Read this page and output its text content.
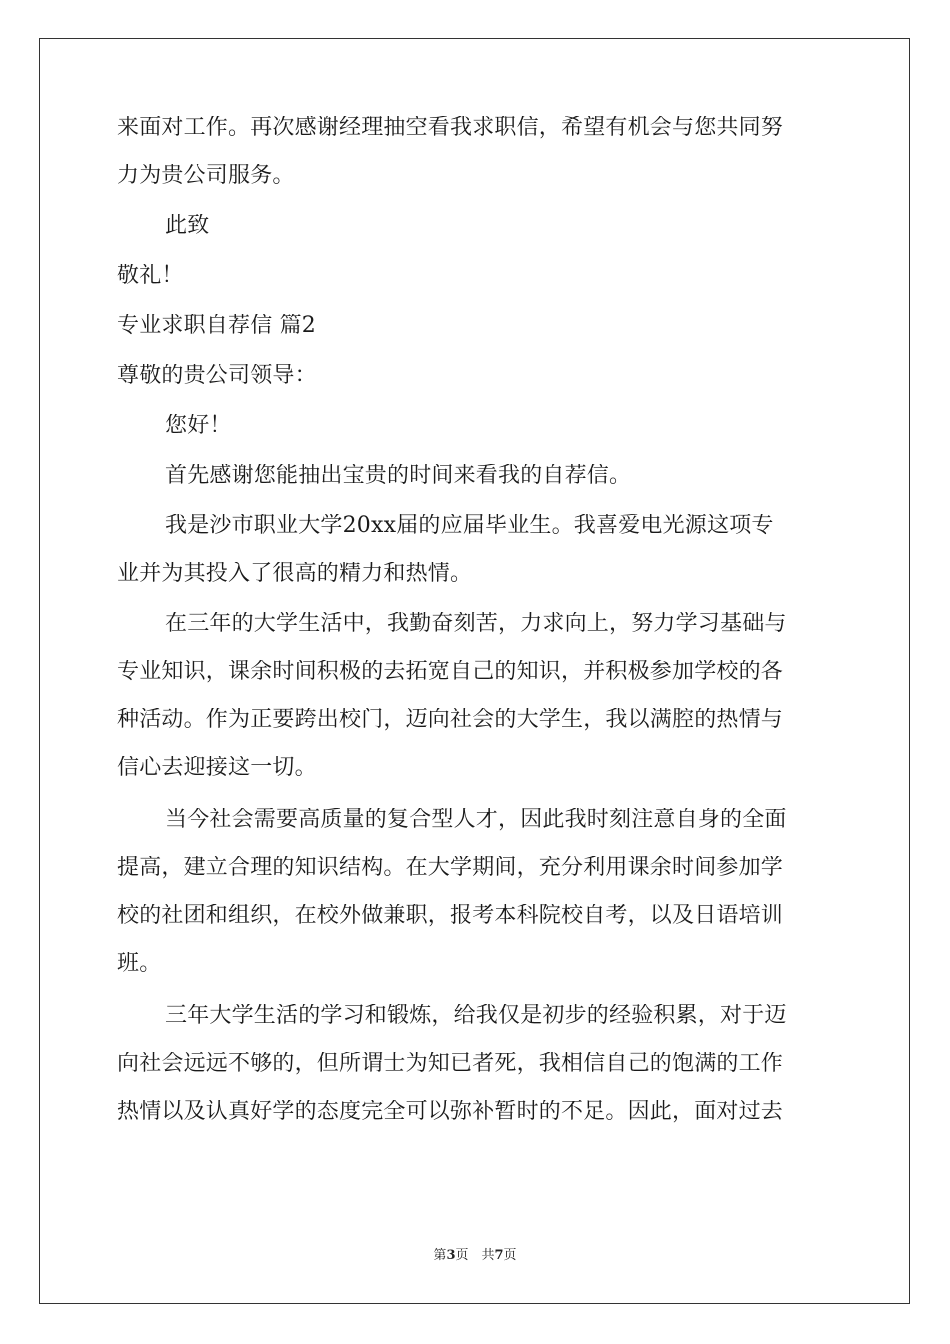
来面对工作。再次感谢经理抽空看我求职信，希望有机会与您共同努
力为贵公司服务。
此致
敬礼！
专业求职自荐信 篇2
尊敬的贵公司领导：
您好！
首先感谢您能抽出宝贵的时间来看我的自荐信。
我是沙市职业大学20xx届的应届毕业生。我喜爱电光源这项专
业并为其投入了很高的精力和热情。
在三年的大学生活中，我勤奋刻苦，力求向上，努力学习基础与
专业知识，课余时间积极的去拓宽自己的知识，并积极参加学校的各
种活动。作为正要跨出校门，迈向社会的大学生，我以满腔的热情与
信心去迎接这一切。
当今社会需要高质量的复合型人才，因此我时刻注意自身的全面
提高，建立合理的知识结构。在大学期间，充分利用课余时间参加学
校的社团和组织，在校外做兼职，报考本科院校自考，以及日语培训
班。
三年大学生活的学习和锻炼，给我仅是初步的经验积累，对于迈
向社会远远不够的，但所谓士为知已者死，我相信自己的饱满的工作
热情以及认真好学的态度完全可以弥补暂时的不足。因此，面对过去
第3页　共7页
